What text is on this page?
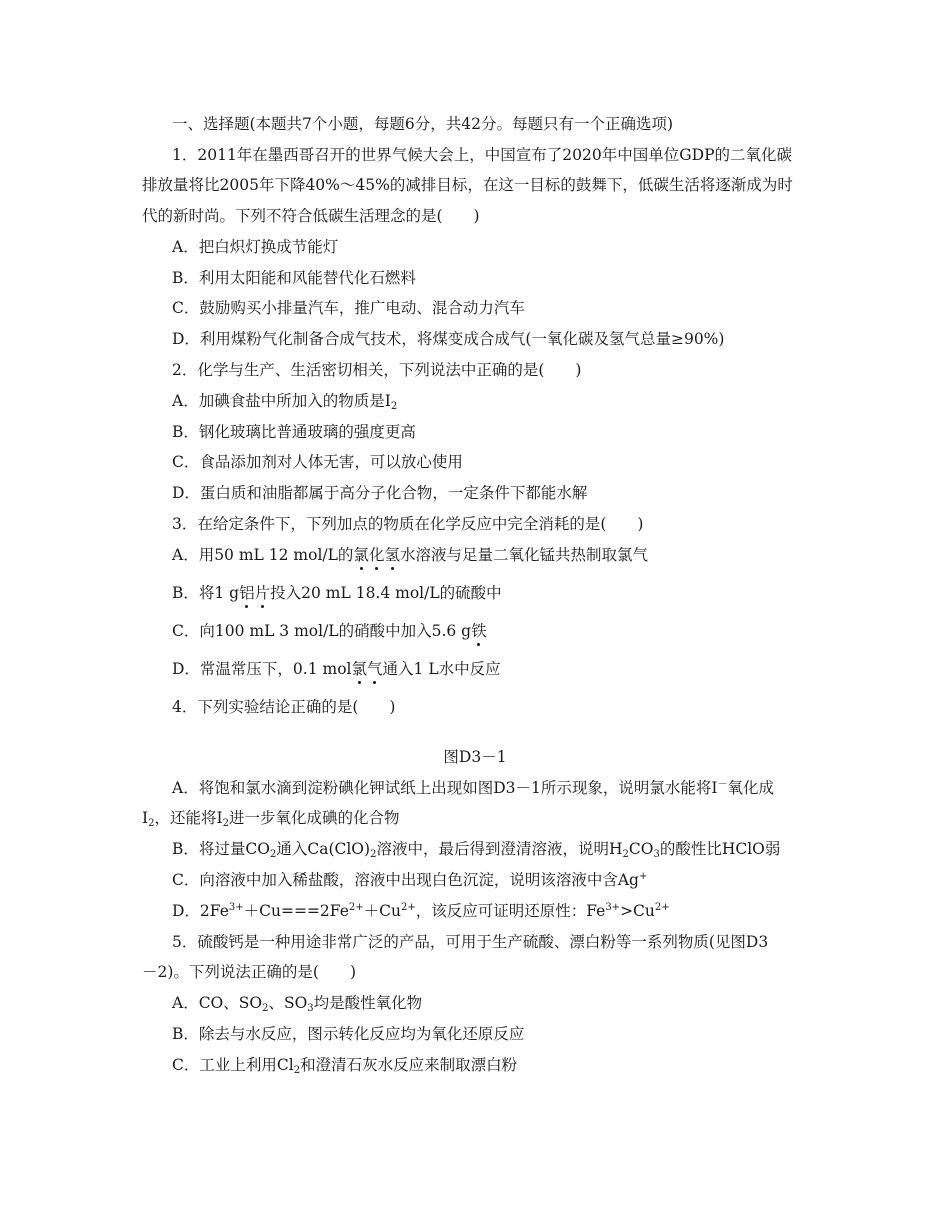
一、选择题(本题共7个小题，每题6分，共42分。每题只有一个正确选项)
1．2011年在墨西哥召开的世界气候大会上，中国宣布了2020年中国单位GDP的二氧化碳
排放量将比2005年下降40%～45%的减排目标，在这一目标的鼓舞下，低碳生活将逐渐成为时
代的新时尚。下列不符合低碳生活理念的是(　　)
A．把白炽灯换成节能灯
B．利用太阳能和风能替代化石燃料
C．鼓励购买小排量汽车，推广电动、混合动力汽车
D．利用煤粉气化制备合成气技术，将煤变成合成气(一氧化碳及氢气总量≥90%)
2．化学与生产、生活密切相关，下列说法中正确的是(　　)
A．加碘食盐中所加入的物质是$I_2$
B．钢化玻璃比普通玻璃的强度更高
C．食品添加剂对人体无害，可以放心使用
D．蛋白质和油脂都属于高分子化合物，一定条件下都能水解
3．在给定条件下，下列加点的物质在化学反应中完全消耗的是(　　)
A．用50 mL 12 mol/L的氯化氢水溶液与足量二氧化锰共热制取氯气
B．将1 g铝片投入20 mL 18.4 mol/L的硫酸中
C．向100 mL 3 mol/L的硝酸中加入5.6 g铁
D．常温常压下，0.1 mol氯气通入1 L水中反应
4．下列实验结论正确的是(　　)
图D3－1
A．将饱和氯水滴到淀粉碘化钾试纸上出现如图D3－1所示现象，说明氯水能将I－氧化成
$I_2$，还能将$I_2$进一步氧化成碘的化合物
B．将过量$CO_2$通入$Ca(ClO)_2$溶液中，最后得到澄清溶液，说明$H_2CO_3$的酸性比HClO弱
C．向溶液中加入稀盐酸，溶液中出现白色沉淀，说明该溶液中含Ag+
D．$2Fe^{3+}+Cu===2Fe^{2+}+Cu^{2+}$，该反应可证明还原性：$Fe^{3+}>Cu^{2+}$
5．硫酸钙是一种用途非常广泛的产品，可用于生产硫酸、漂白粉等一系列物质(见图D3
－2)。下列说法正确的是(　　)
A．CO、$SO_2$、$SO_3$均是酸性氧化物
B．除去与水反应，图示转化反应均为氧化还原反应
C．工业上利用$Cl_2$和澄清石灰水反应来制取漂白粉
